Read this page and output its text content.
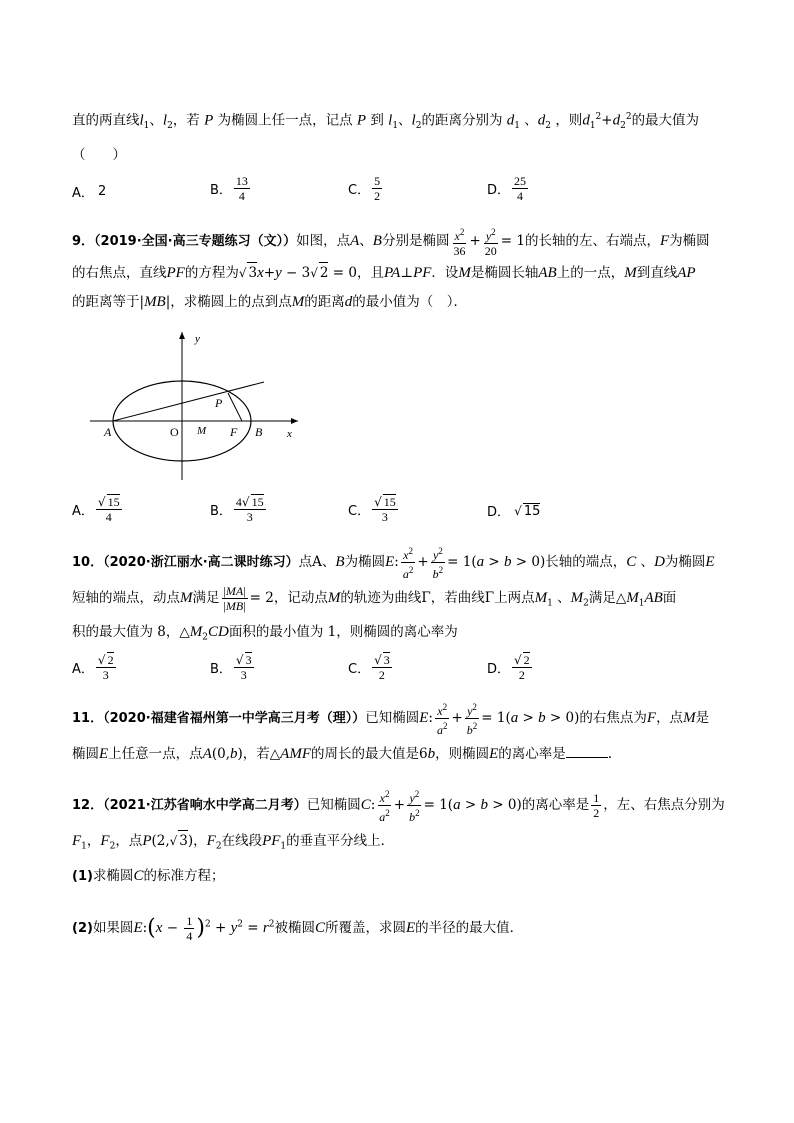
直的两直线$l_1$、$l_2$，若 P 为椭圆上任一点，记点 P 到 $l_1$、$l_2$的距离分别为 $d_1$ 、$d_2$ ，则$d_1^2+d_2^2$的最大值为
（　　）
A．
2	B． $\frac{13}{4}$	C． $\frac{5}{2}$	D． $\frac{25}{4}$
9．（2019·全国·高三专题练习（文））如图，点A、B分别是椭圆 $\frac{x^2}{36} + \frac{y^2}{20} = 1$的长轴的左、右端点，F为椭圆
的右焦点，直线PF的方程为√ 3x+y − 3√ 2 = 0，且PA⊥PF．设M是椭圆长轴AB上的一点，M到直线AP
的距离等于|MB|，求椭圆上的点到点M的距离d的最小值为（　）．
y
x
A	O M F B
P
A． $\frac{√ 15}{4}$	B． $\frac{4√ 15}{3}$	C． $\frac{√ 15}{3}$	D．
√ 15
10．（2020·浙江丽水·高二课时练习）点A、B为椭圆E: $\frac{x^2}{a^2} + \frac{y^2}{b^2} = 1(a > b > 0)$长轴的端点，C 、D为椭圆E
短轴的端点，动点M满足 $\frac{|MA|}{|MB|} = 2$，记动点M的轨迹为曲线Γ，若曲线Γ上两点$M_1$ 、$M_2$满足$\triangle M_1AB$面
积的最大值为 8，$\triangle M_2CD$面积的最小值为 1，则椭圆的离心率为
A． $\frac{√ 2}{3}$	B． $\frac{√ 3}{3}$	C． $\frac{√ 3}{2}$	D． $\frac{√ 2}{2}$
11．（2020·福建省福州第一中学高三月考（理））已知椭圆E: $\frac{x^2}{a^2} + \frac{y^2}{b^2} = 1(a > b > 0)$的右焦点为F，点M是
椭圆E上任意一点，点A(0,b)，若△AMF的周长的最大值是6b，则椭圆E的离心率是	.
12．（2021·江苏省响水中学高二月考）已知椭圆C: $\frac{x^2}{a^2} + \frac{y^2}{b^2} = 1(a > b > 0)$的离心率是 $\frac{1}{2}$ ，左、右焦点分别为
$F_1$，$F_2$，点P(2,√ 3)，$F_2$在线段$PF_1$的垂直平分线上．
(1)求椭圆C的标准方程；
(2)如果圆E:(x − $\frac{1}{4} )^2 + y^2 = r^2$被椭圆C所覆盖，求圆E的半径的最大值．
